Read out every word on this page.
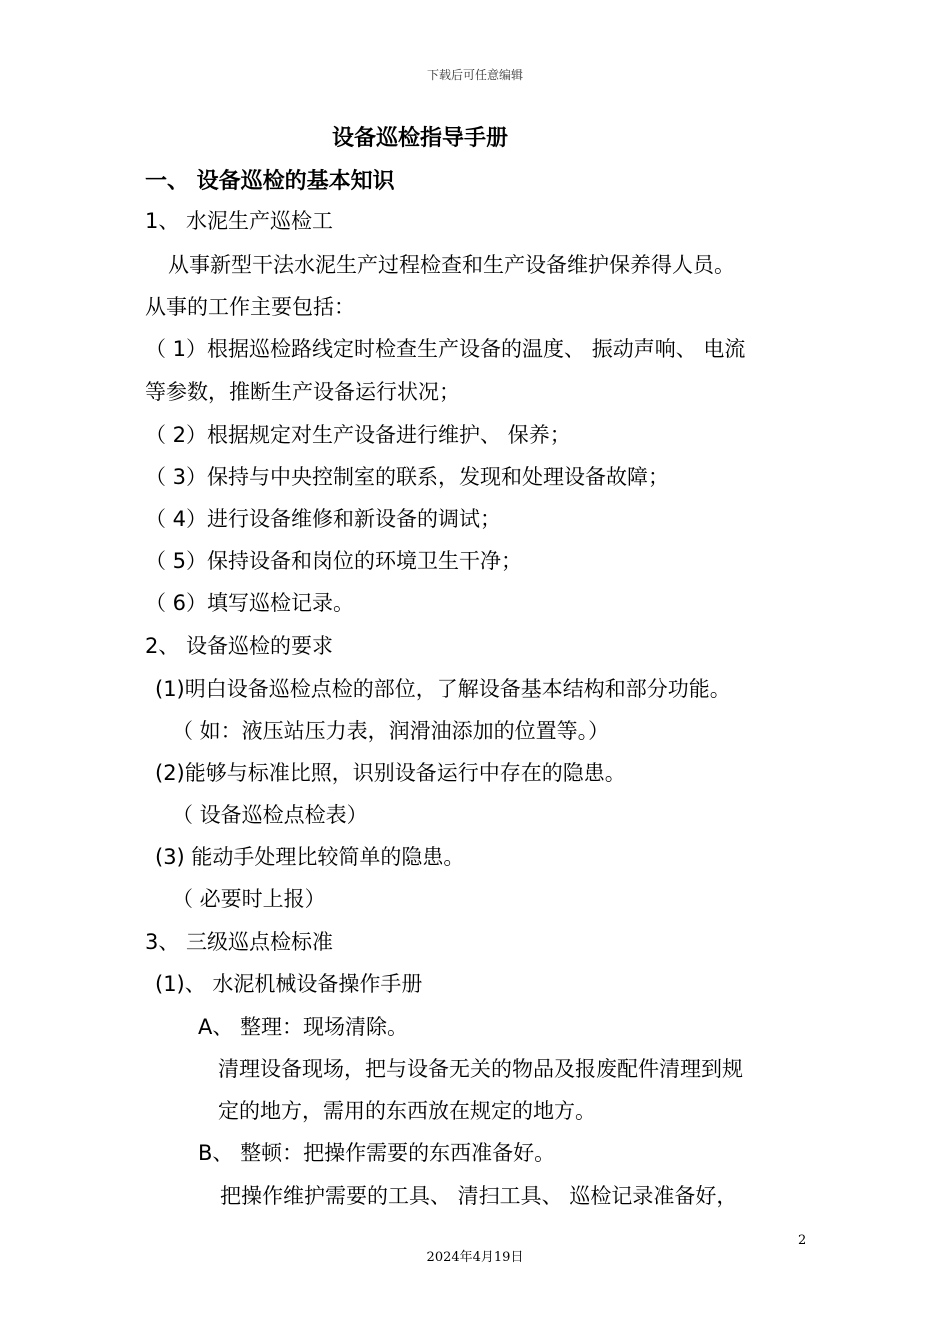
下载后可任意编辑
设备巡检指导手册
一、 设备巡检的基本知识
1、 水泥生产巡检工
从事新型干法水泥生产过程检查和生产设备维护保养得人员。
从事的工作主要包括：
（ 1）根据巡检路线定时检查生产设备的温度、 振动声响、 电流
等参数，推断生产设备运行状况；
（ 2）根据规定对生产设备进行维护、 保养；
（ 3）保持与中央控制室的联系，发现和处理设备故障；
（ 4）进行设备维修和新设备的调试；
（ 5）保持设备和岗位的环境卫生干净；
（ 6）填写巡检记录。
2、 设备巡检的要求
(1)明白设备巡检点检的部位，了解设备基本结构和部分功能。
（ 如：液压站压力表，润滑油添加的位置等。）
(2)能够与标准比照，识别设备运行中存在的隐患。
（ 设备巡检点检表）
(3) 能动手处理比较简单的隐患。
（ 必要时上报）
3、 三级巡点检标准
(1)、 水泥机械设备操作手册
A、 整理：现场清除。
清理设备现场，把与设备无关的物品及报废配件清理到规
定的地方，需用的东西放在规定的地方。
B、 整顿：把操作需要的东西准备好。
把操作维护需要的工具、 清扫工具、 巡检记录准备好，
2
2024年4月19日
